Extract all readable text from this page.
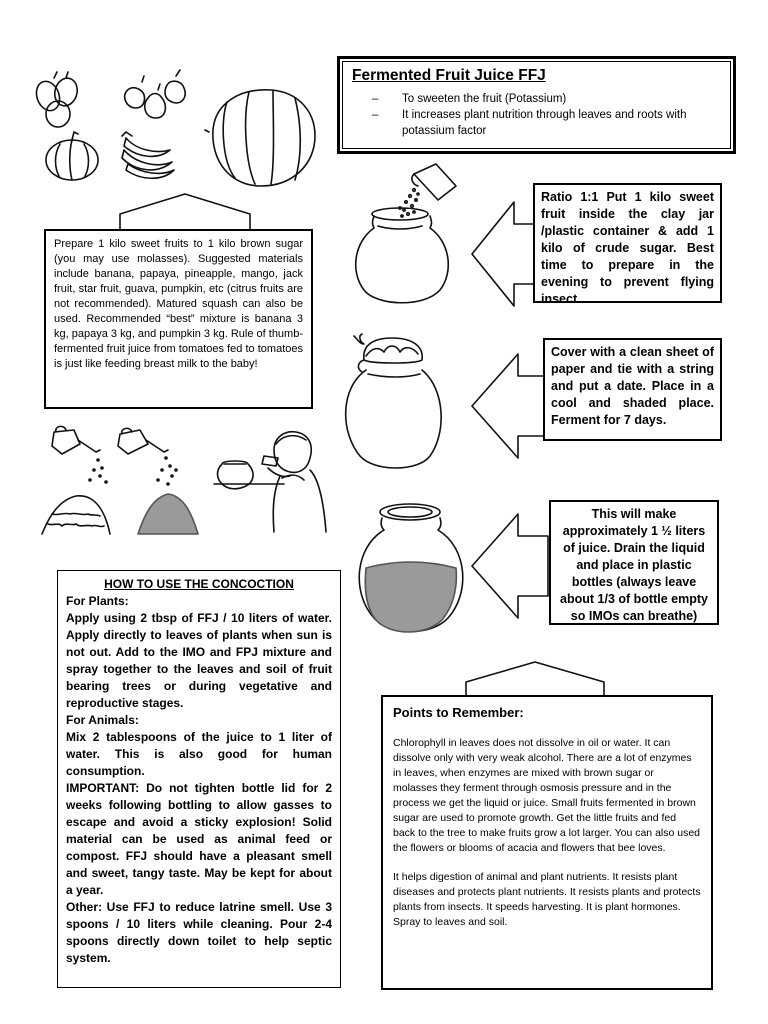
Fermented Fruit Juice FFJ
–	To sweeten the fruit (Potassium)
–	It increases plant nutrition through leaves and roots with potassium factor
Ratio 1:1 Put 1 kilo sweet fruit inside the clay jar /plastic container & add 1 kilo of crude sugar. Best time to prepare in the evening to prevent flying insect.
Prepare 1 kilo sweet fruits to 1 kilo brown sugar (you may use molasses). Suggested materials include banana, papaya, pineapple, mango, jack fruit, star fruit, guava, pumpkin, etc (citrus fruits are not recommended). Matured squash can also be used. Recommended “best” mixture is banana 3 kg, papaya 3 kg, and pumpkin 3 kg. Rule of thumb-fermented fruit juice from tomatoes fed to tomatoes is just like feeding breast milk to the baby!
Cover with a clean sheet of paper and tie with a string and put a date. Place in a cool and shaded place. Ferment for 7 days.
This will make approximately 1 ½ liters of juice. Drain the liquid and place in plastic bottles (always leave about 1/3 of bottle empty so IMOs can breathe)
HOW TO USE THE CONCOCTION
For Plants:
Apply using 2 tbsp of FFJ / 10 liters of water. Apply directly to leaves of plants when sun is not out. Add to the IMO and FPJ mixture and spray together to the leaves and soil of fruit bearing trees or during vegetative and reproductive stages.
For Animals:
Mix 2 tablespoons of the juice to 1 liter of water. This is also good for human consumption.
IMPORTANT: Do not tighten bottle lid for 2 weeks following bottling to allow gasses to escape and avoid a sticky explosion! Solid material can be used as animal feed or compost. FFJ should have a pleasant smell and sweet, tangy taste. May be kept for about a year.
Other: Use FFJ to reduce latrine smell. Use 3 spoons / 10 liters while cleaning. Pour 2-4 spoons directly down toilet to help septic system.
Points to Remember:
Chlorophyll in leaves does not dissolve in oil or water. It can dissolve only with very weak alcohol. There are a lot of enzymes in leaves, when enzymes are mixed with brown sugar or molasses they ferment through osmosis pressure and in the process we get the liquid or juice. Small fruits fermented in brown sugar are used to promote growth. Get the little fruits and fed back to the tree to make fruits grow a lot larger. You can also used the flowers or blooms of acacia and flowers that bee loves.
It helps digestion of animal and plant nutrients. It resists plant diseases and protects plant nutrients. It resists plants and protects plants from insects. It speeds harvesting. It is plant hormones. Spray to leaves and soil.
